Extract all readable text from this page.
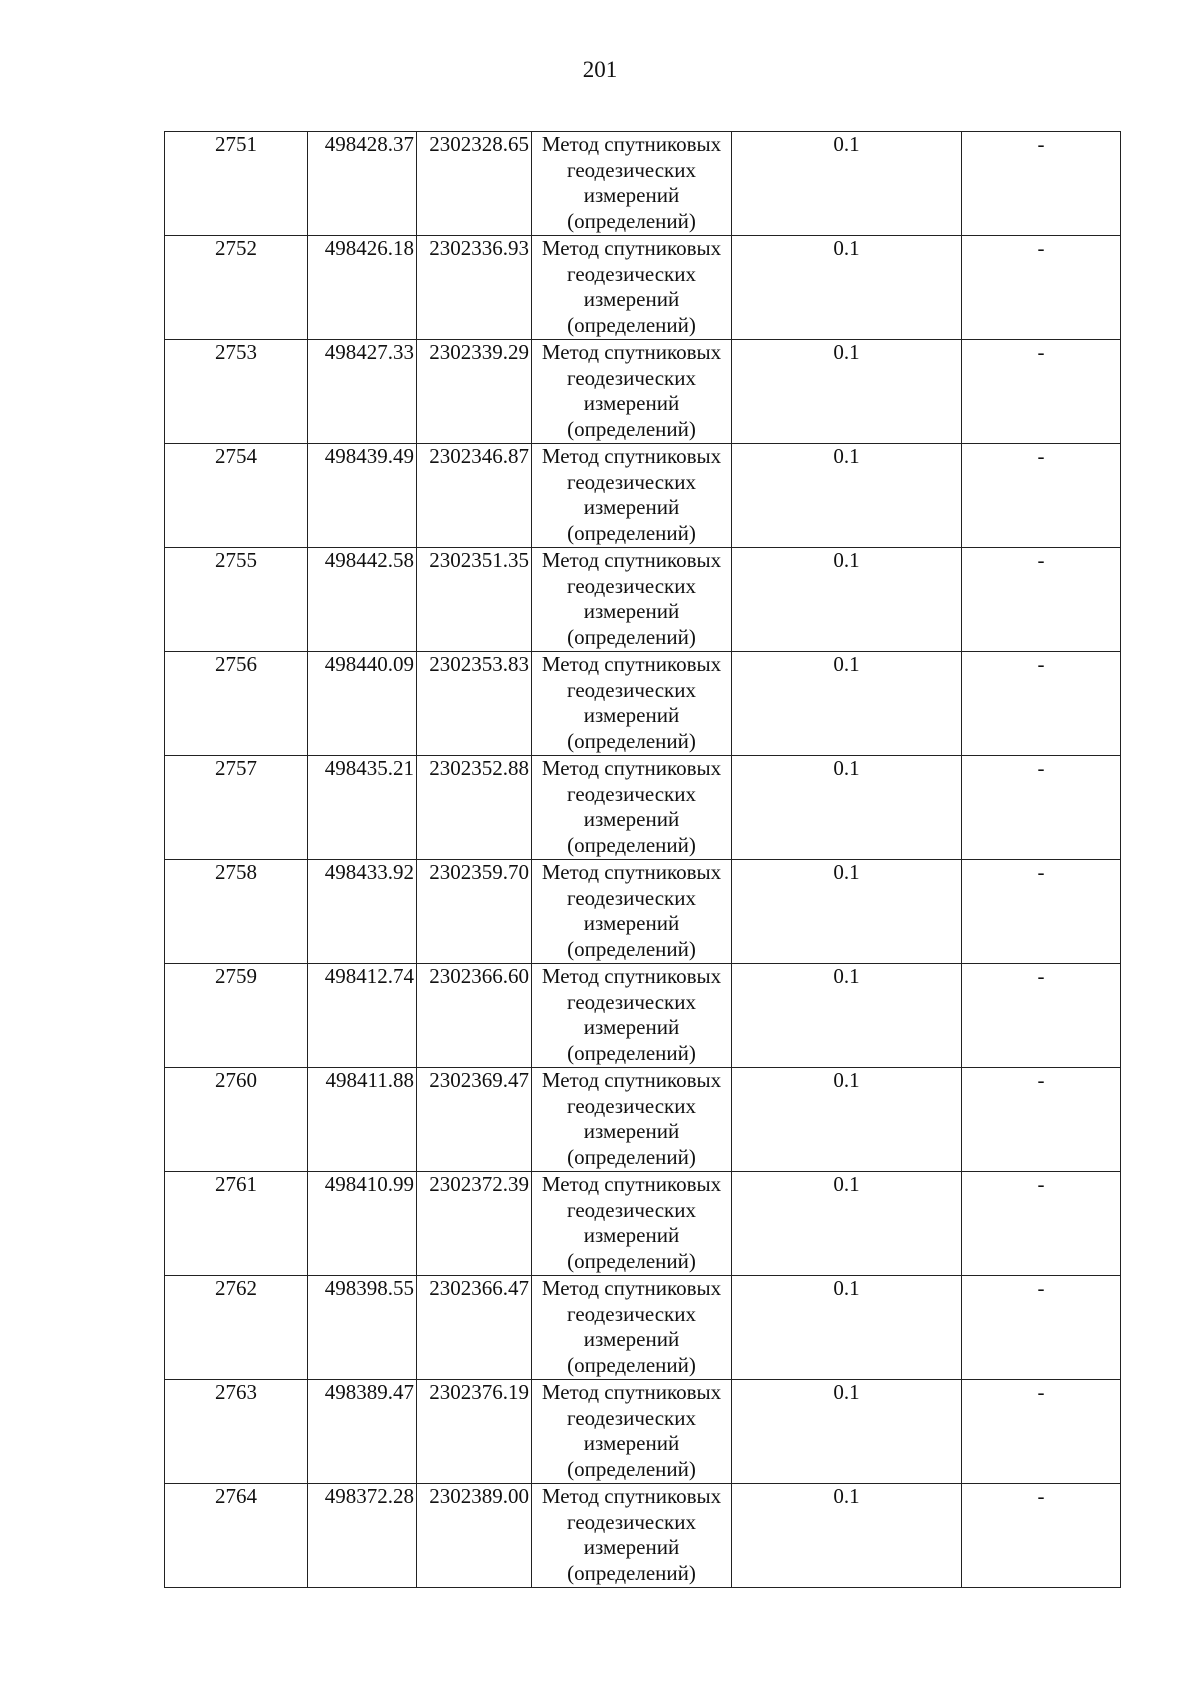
201
2751	498428.37	2302328.65	Метод спутниковых
геодезических
измерений
(определений)	0.1	-
2752	498426.18	2302336.93	Метод спутниковых
геодезических
измерений
(определений)	0.1	-
2753	498427.33	2302339.29	Метод спутниковых
геодезических
измерений
(определений)	0.1	-
2754	498439.49	2302346.87	Метод спутниковых
геодезических
измерений
(определений)	0.1	-
2755	498442.58	2302351.35	Метод спутниковых
геодезических
измерений
(определений)	0.1	-
2756	498440.09	2302353.83	Метод спутниковых
геодезических
измерений
(определений)	0.1	-
2757	498435.21	2302352.88	Метод спутниковых
геодезических
измерений
(определений)	0.1	-
2758	498433.92	2302359.70	Метод спутниковых
геодезических
измерений
(определений)	0.1	-
2759	498412.74	2302366.60	Метод спутниковых
геодезических
измерений
(определений)	0.1	-
2760	498411.88	2302369.47	Метод спутниковых
геодезических
измерений
(определений)	0.1	-
2761	498410.99	2302372.39	Метод спутниковых
геодезических
измерений
(определений)	0.1	-
2762	498398.55	2302366.47	Метод спутниковых
геодезических
измерений
(определений)	0.1	-
2763	498389.47	2302376.19	Метод спутниковых
геодезических
измерений
(определений)	0.1	-
2764	498372.28	2302389.00	Метод спутниковых
геодезических
измерений
(определений)	0.1	-
